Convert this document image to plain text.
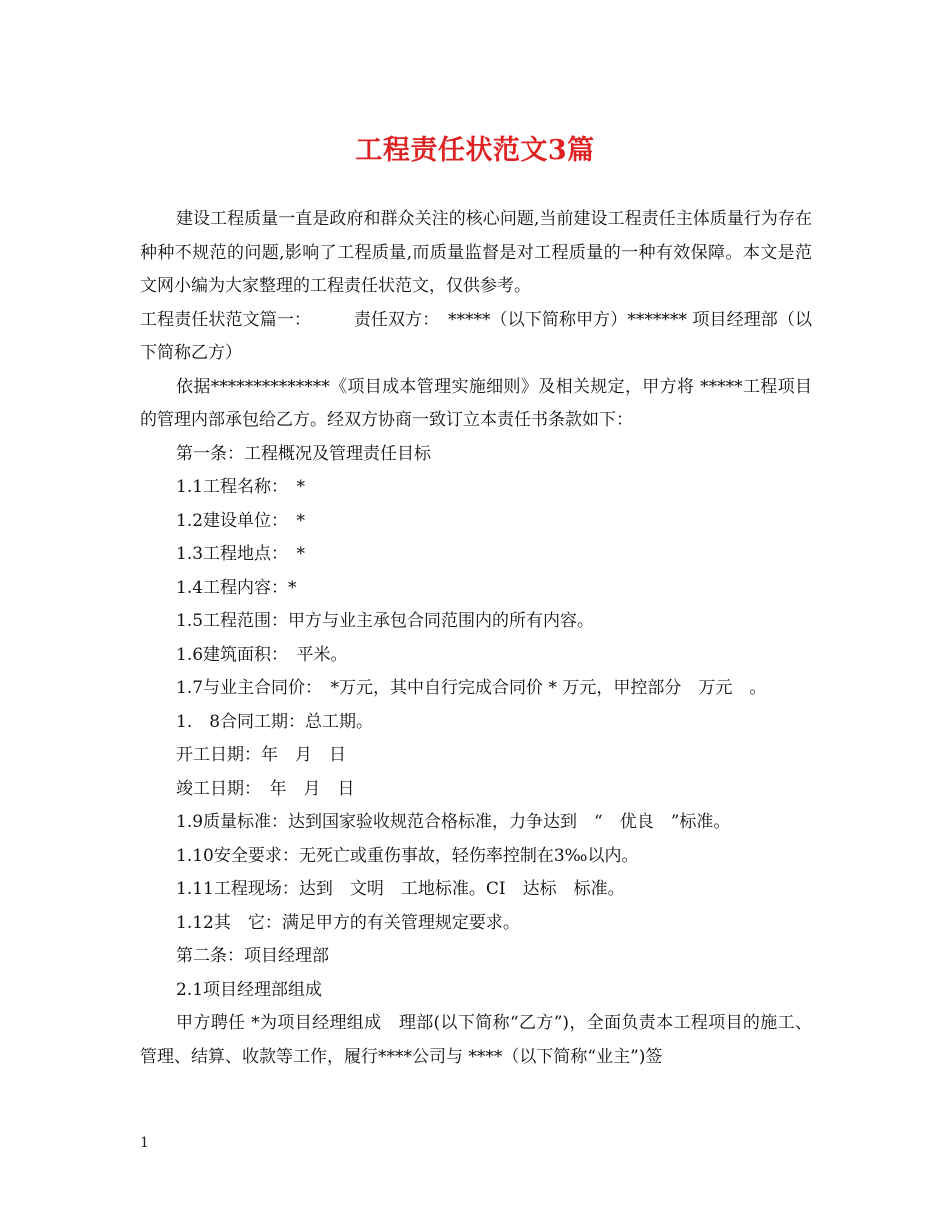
工程责任状范文3篇

建设工程质量一直是政府和群众关注的核心问题,当前建设工程责任主体质量行为存在种种不规范的问题,影响了工程质量,而质量监督是对工程质量的一种有效保障。本文是范文网小编为大家整理的工程责任状范文，仅供参考。

工程责任状范文篇一：　　　责任双方：　*****（以下简称甲方）******* 项目经理部（以下简称乙方）

依据**************《项目成本管理实施细则》及相关规定，甲方将 *****工程项目的管理内部承包给乙方。经双方协商一致订立本责任书条款如下：

第一条：工程概况及管理责任目标

1.1工程名称：　*

1.2建设单位：　*

1.3工程地点：　*

1.4工程内容：*

1.5工程范围：甲方与业主承包合同范围内的所有内容。

1.6建筑面积：　平米。

1.7与业主合同价：　*万元，其中自行完成合同价 * 万元，甲控部分　万元　。

1.　8合同工期：总工期。

开工日期：年　月　日

竣工日期：　年　月　日

1.9质量标准：达到国家验收规范合格标准，力争达到　“　优良　”标准。

1.10安全要求：无死亡或重伤事故，轻伤率控制在3‰以内。

1.11工程现场：达到　文明　工地标准。CI　达标　标准。

1.12其　它：满足甲方的有关管理规定要求。

第二条：项目经理部

2.1项目经理部组成

甲方聘任 *为项目经理组成　理部(以下简称“乙方”)，全面负责本工程项目的施工、管理、结算、收款等工作，履行****公司与 ****（以下简称“业主”)签

1
